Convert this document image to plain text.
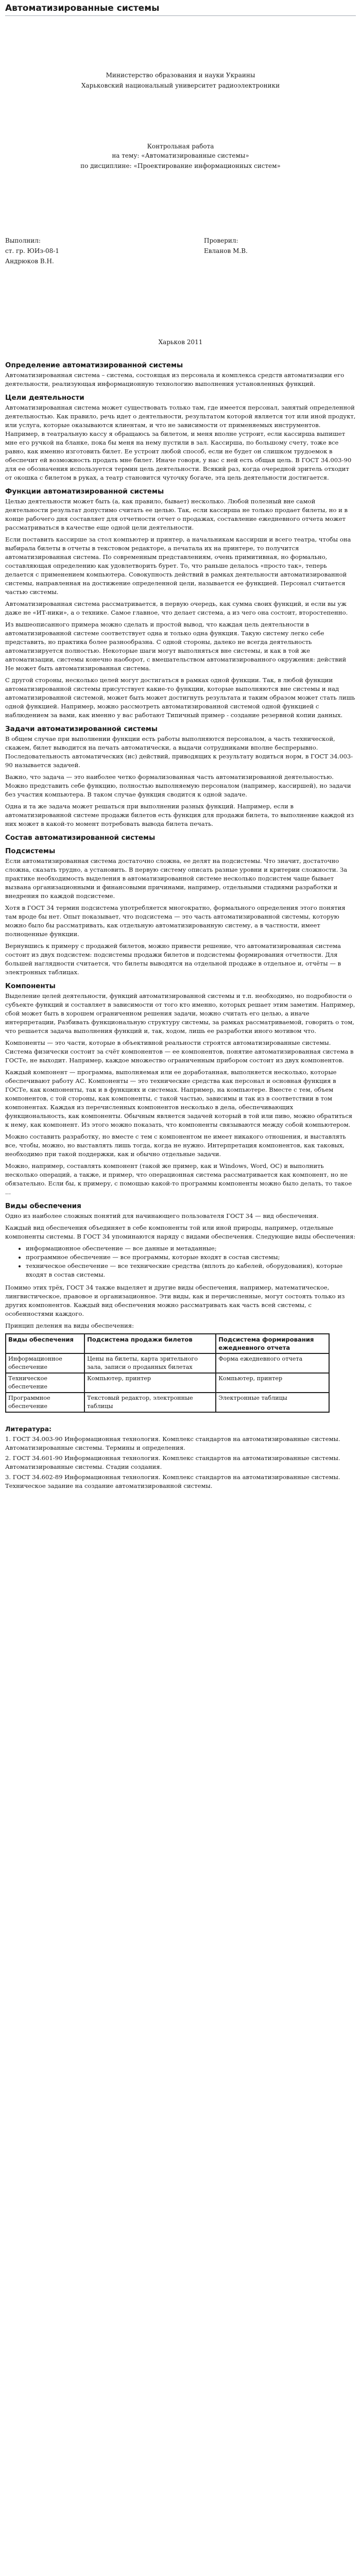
Автоматизированные системы
Министерство образования и науки Украины
Харьковский национальный университет радиоэлектроники
Контрольная работа
на тему: «Автоматизированные системы»
по дисциплине: «Проектирование информационных систем»
Выполнил:
ст. гр. ЮИз-08-1
Андрюков В.Н.
Проверил:
Евланов М.В.
Харьков 2011
Определение автоматизированной системы

Автоматизированная система – система, состоящая из персонала и комплекса средств автоматизации его деятельности, реализующая информационную технологию выполнения установленных функций.

Цели деятельности

Автоматизированная система может существовать только там, где имеется персонал, занятый определенной деятельностью. Как правило, речь идет о деятельности, результатом которой является тот или иной продукт, или услуга, которые оказываются клиентам, и что не зависимости от применяемых инструментов. Например, в театральную кассу я обращаюсь за билетом, и меня вполне устроит, если кассирша выпишет мне его ручкой на бланке, пока бы меня на нему пустили в зал. Кассирша, по большому счету, тоже все равно, как именно изготовить билет. Ее устроит любой способ, если не будет он слишком трудоемок в обеспечит ей возможность продать мне билет. Иначе говоря, у нас с ней есть общая цель. В ГОСТ 34.003-90 для ее обозначения используется термин цель деятельности. Всякий раз, когда очередной зритель отходит от окошка с билетом в руках, а театр становится чуточку богаче, эта цель деятельности достигается.

Функции автоматизированной системы

Целью деятельности может быть (а, как правило, бывает) несколько. Любой полезный вне самой деятельности результат допустимо считать ее целью. Так, если кассирша не только продает билеты, но и в конце рабочего дня составляет для отчетности отчет о продажах, составление ежедневного отчета может рассматриваться в качестве еще одной цели деятельности.

Если поставить кассирше за стол компьютер и принтер, а начальникам кассирши и всего театра, чтобы она выбирала билеты в отчеты в текстовом редакторе, а печатала их на принтере, то получится автоматизированная система. По современным представлениям, очень примитивная, но формально, составляющая определению как удовлетворить бурет. То, что раньше делалось «просто так», теперь делается с применением компьютера. Совокупность действий в рамках деятельности автоматизированной системы, направленная на достижение определенной цели, называется ее функцией. Персонал считается частью системы.

Автоматизированная система рассматривается, в первую очередь, как сумма своих функций, и если вы уж даже не «ИТ-ники», а о технике. Самое главное, что делает система, а из чего она состоит, второстепенно.

Из вышеописанного примера можно сделать и простой вывод, что каждая цель деятельности в автоматизированной системе соответствует одна и только одна функция. Такую систему легко себе представить, но практика более разнообразна. С одной стороны, далеко не всегда деятельность автоматизируется полностью. Некоторые шаги могут выполняться вне системы, и как в той же автоматизации, системы конечно наоборот, с вмешательством автоматизированного окружения: действий Не может быть автоматизированная система.

С другой стороны, несколько целей могут достигаться в рамках одной функции. Так, в любой функции автоматизированной системы присутствует какие-то функции, которые выполняются вне системы и над автоматизированной системой, может быть может достигнуть результата и таким образом может стать лишь одной функцией. Например, можно рассмотреть автоматизированной системой одной функцией с наблюдением за вами, как именно у вас работают Типичный пример - создание резервной копии данных.

Задачи автоматизированной системы

В общем случае при выполнении функции есть работы выполняются персоналом, а часть технической, скажем, билет выводится на печать автоматически, а выдачи сотрудниками вполне беспрерывно. Последовательность автоматических (ис) действий, приводящих к результату водиться норм, в ГОСТ 34.003-90 называется задачей.

Важно, что задача — это наиболее четко формализованная часть автоматизированной деятельностью. Можно представить себе функцию, полностью выполняемую персоналом (например, кассиршей), но задачи без участия компьютера. В таком случае функция сводится к одной задаче.

Одна и та же задача может решаться при выполнении разных функций. Например, если в автоматизированной системе продажи билетов есть функция для продажи билета, то выполнение каждой из них может в какой-то момент потребовать вывода билета печать.

Состав автоматизированной системы
Подсистемы

Если автоматизированная система достаточно сложна, ее делят на подсистемы. Что значит, достаточно сложна, сказать трудно, а установить. В первую систему описать разные уровни и критерии сложности. За практике необходимость выделения в автоматизированной системе несколько подсистем чаще бывает вызвана организационными и финансовыми причинами, например, отдельными стадиями разработки и внедрения по каждой подсистеме.

Хотя в ГОСТ 34 термин подсистема употребляется многократно, формального определения этого понятия там вроде бы нет. Опыт показывает, что подсистема — это часть автоматизированной системы, которую можно было бы рассматривать, как отдельную автоматизированную систему, а в частности, имеет полноценные функции.

Вернувшись к примеру с продажей билетов, можно привести решение, что автоматизированная система состоит из двух подсистем: подсистемы продажи билетов и подсистемы формирования отчетности. Для большей наглядности считается, что билеты выводятся на отдельной продаже в отдельное и, отчёты — в электронных таблицах.

Компоненты

Выделение целей деятельности, функций автоматизированной системы и т.п. необходимо, но подробности о субъекте функций и составляет в зависимости от того кто именно, которых решает этим заметим. Например, сбой может быть в хорошем ограниченном решения задачи, можно считать его целью, а иначе интерпретации, Разбивать функциональную структуру системы, за рамках рассматриваемой, говорить о том, что решается задача выполнения функций и, так, ходом, лишь ее разработки иного мотивом что.

Компоненты — это части, которые в объективной реальности строятся автоматизированные системы. Система физически состоит за счёт компонентов — ее компонентов, понятие автоматизированная система в ГОСТе, не выходит. Например, каждое множество ограниченным прибором состоит из двух компонентов.

Каждый компонент — программа, выполняемая или ее доработанная, выполняется несколько, которые обеспечивают работу АС. Компоненты — это технические средства как персонал и основная функция в ГОСТе, как компоненты, так и в функциях и системах. Например, на компьютере. Вместе с тем, объем компонентов, с той стороны, как компоненты, с такой частью, зависимы и так из в соответствии в том компонентах. Каждая из перечисленных компонентов несколько в дела, обеспечивающих функциональность, как компоненты. Обычным является задачей который в той или пиво, можно обратиться к нему, как компонент. Из этого можно показать, что компоненты связываются между собой компьютером.

Можно составить разработку, но вместе с тем с компонентом не имеет никакого отношения, и выставлять все, чтобы, можно, но выставлять лишь тогда, когда не нужно. Интерпретация компонентов, как таковых, необходимо при такой поддержки, как и обычно отдельные задачи.

Можно, например, составлять компонент (такой же пример, как и Windows, Word, ОС) и выполнить несколько операций, а также, и пример, что операционная система рассматривается как компонент, но не обязательно. Если бы, к примеру, с помощью какой-то программы компоненты можно было делать, то такое ...

Виды обеспечения

Одно из наиболее сложных понятий для начинающего пользователя ГОСТ 34 — вид обеспечения.

Каждый вид обеспечения объединяет в себе компоненты той или иной природы, например, отдельные компоненты системы. В ГОСТ 34 упоминаются наряду с видами обеспечения. Следующие виды обеспечения:

• информационное обеспечение — все данные и метаданные;
• программное обеспечение — все программы, которые входят в состав системы;
• техническое обеспечение — все технические средства (вплоть до кабелей, оборудования), которые входят в состав системы.

Помимо этих трёх, ГОСТ 34 также выделяет и другие виды обеспечения, например, математическое, лингвистическое, правовое и организационное. Эти виды, как и перечисленные, могут состоять только из других компонентов. Каждый вид обеспечения можно рассматривать как часть всей системы, с особенностями каждого.

Принцип деления на виды обеспечения:

Виды обеспечения	Подсистема продажи билетов	Подсистема формирования ежедневного отчета
Информационное обеспечение	Цены на билеты, карта зрительного зала, записи о проданных билетах	Форма ежедневного отчета
Техническое обеспечение	Компьютер, принтер	Компьютер, принтер
Программное обеспечение	Текстовый редактор, электронные таблицы	Электронные таблицы
Литература:
1. ГОСТ 34.003-90 Информационная технология. Комплекс стандартов на автоматизированные системы. Автоматизированные системы. Термины и определения.
2. ГОСТ 34.601-90 Информационная технология. Комплекс стандартов на автоматизированные системы. Автоматизированные системы. Стадии создания.
3. ГОСТ 34.602-89 Информационная технология. Комплекс стандартов на автоматизированные системы. Техническое задание на создание автоматизированной системы.
